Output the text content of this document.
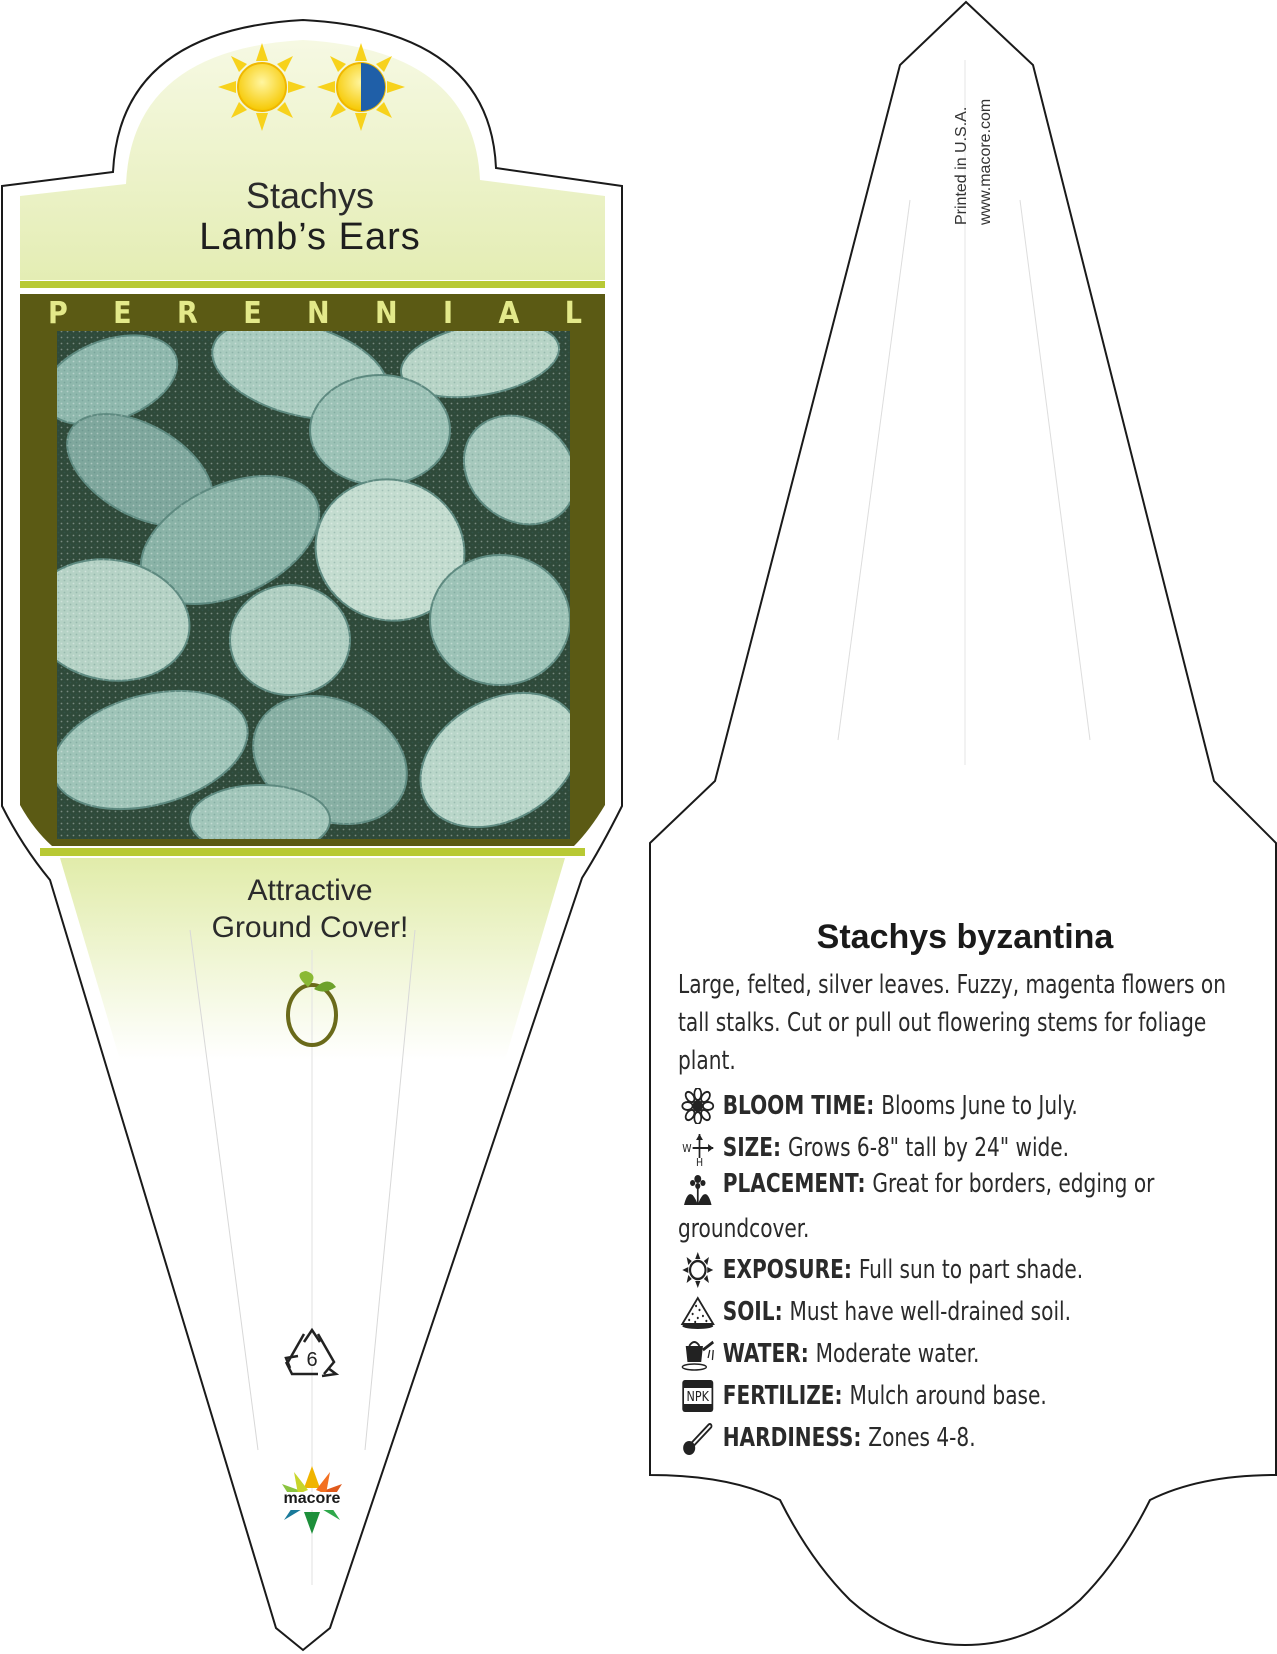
Stachys
Lamb’s Ears
P E R E N N I A L
Attractive
Ground Cover!
6
macore
Printed in U.S.A. www.macore.com
Stachys byzantina
Large, felted, silver leaves. Fuzzy, magenta flowers on tall stalks. Cut or pull out flowering stems for foliage plant.
BLOOM TIME: Blooms June to July.
W
H SIZE: Grows 6-8" tall by 24" wide.
PLACEMENT: Great for borders, edging or
groundcover.
EXPOSURE: Full sun to part shade.
SOIL: Must have well-drained soil.
WATER: Moderate water.
NPK FERTILIZE: Mulch around base.
HARDINESS: Zones 4-8.
